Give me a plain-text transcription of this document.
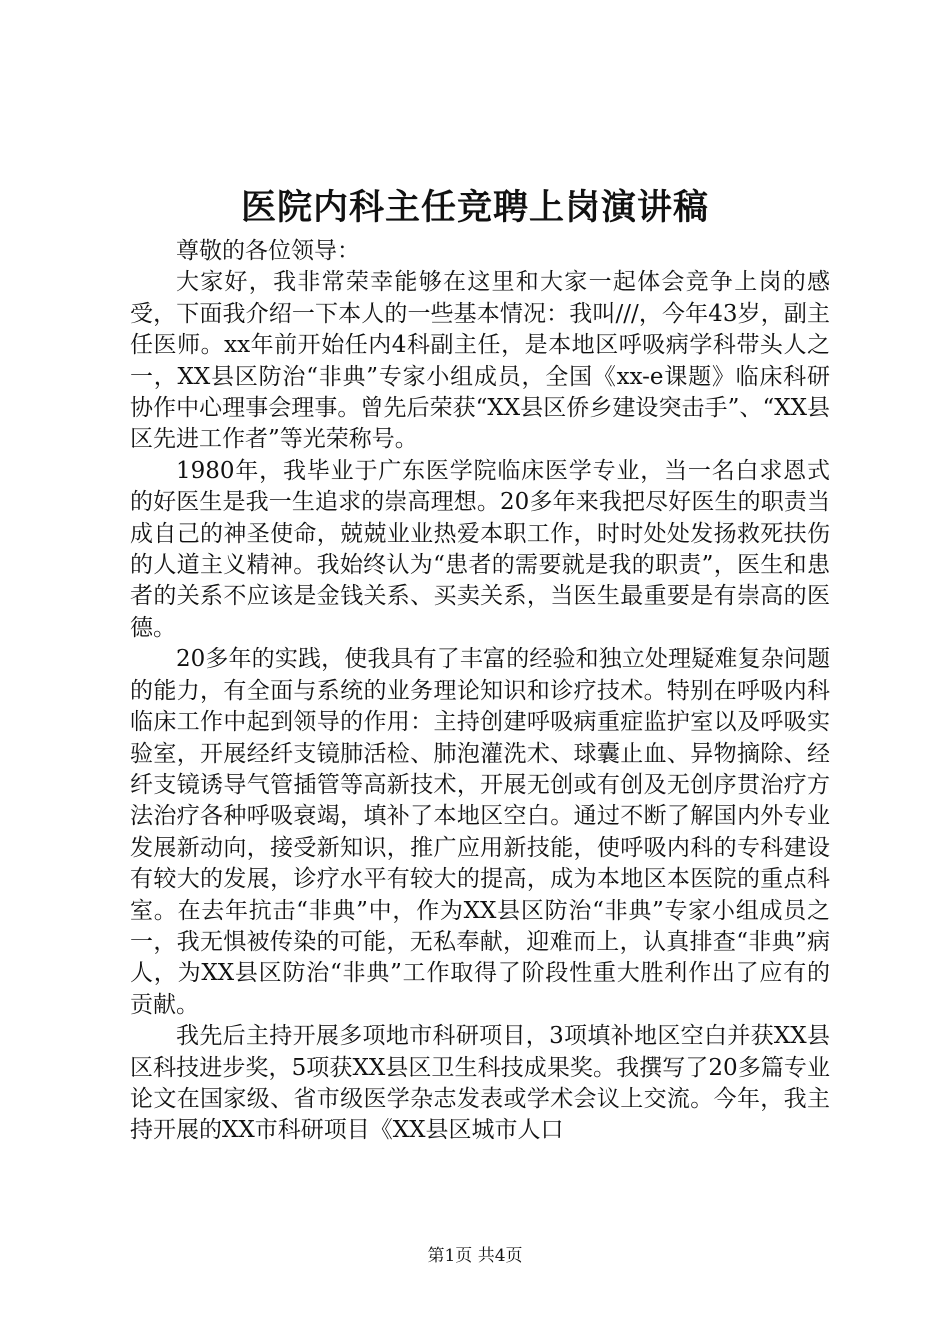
医院内科主任竞聘上岗演讲稿

尊敬的各位领导：

大家好，我非常荣幸能够在这里和大家一起体会竞争上岗的感受，下面我介绍一下本人的一些基本情况：我叫///，今年43岁，副主任医师。xx年前开始任内4科副主任，是本地区呼吸病学科带头人之一，XX县区防治“非典”专家小组成员，全国《xx-e课题》临床科研协作中心理事会理事。曾先后荣获“XX县区侨乡建设突击手”、“XX县区先进工作者”等光荣称号。

1980年，我毕业于广东医学院临床医学专业，当一名白求恩式的好医生是我一生追求的崇高理想。20多年来我把尽好医生的职责当成自己的神圣使命，兢兢业业热爱本职工作，时时处处发扬救死扶伤的人道主义精神。我始终认为“患者的需要就是我的职责”，医生和患者的关系不应该是金钱关系、买卖关系，当医生最重要是有崇高的医德。

20多年的实践，使我具有了丰富的经验和独立处理疑难复杂问题的能力，有全面与系统的业务理论知识和诊疗技术。特别在呼吸内科临床工作中起到领导的作用：主持创建呼吸病重症监护室以及呼吸实验室，开展经纤支镜肺活检、肺泡灌洗术、球囊止血、异物摘除、经纤支镜诱导气管插管等高新技术，开展无创或有创及无创序贯治疗方法治疗各种呼吸衰竭，填补了本地区空白。通过不断了解国内外专业发展新动向，接受新知识，推广应用新技能，使呼吸内科的专科建设有较大的发展，诊疗水平有较大的提高，成为本地区本医院的重点科室。在去年抗击“非典”中，作为XX县区防治“非典”专家小组成员之一，我无惧被传染的可能，无私奉献，迎难而上，认真排查“非典”病人，为XX县区防治“非典”工作取得了阶段性重大胜利作出了应有的贡献。

我先后主持开展多项地市科研项目，3项填补地区空白并获XX县区科技进步奖，5项获XX县区卫生科技成果奖。我撰写了20多篇专业论文在国家级、省市级医学杂志发表或学术会议上交流。今年，我主持开展的XX市科研项目《XX县区城市人口

第1页 共4页
